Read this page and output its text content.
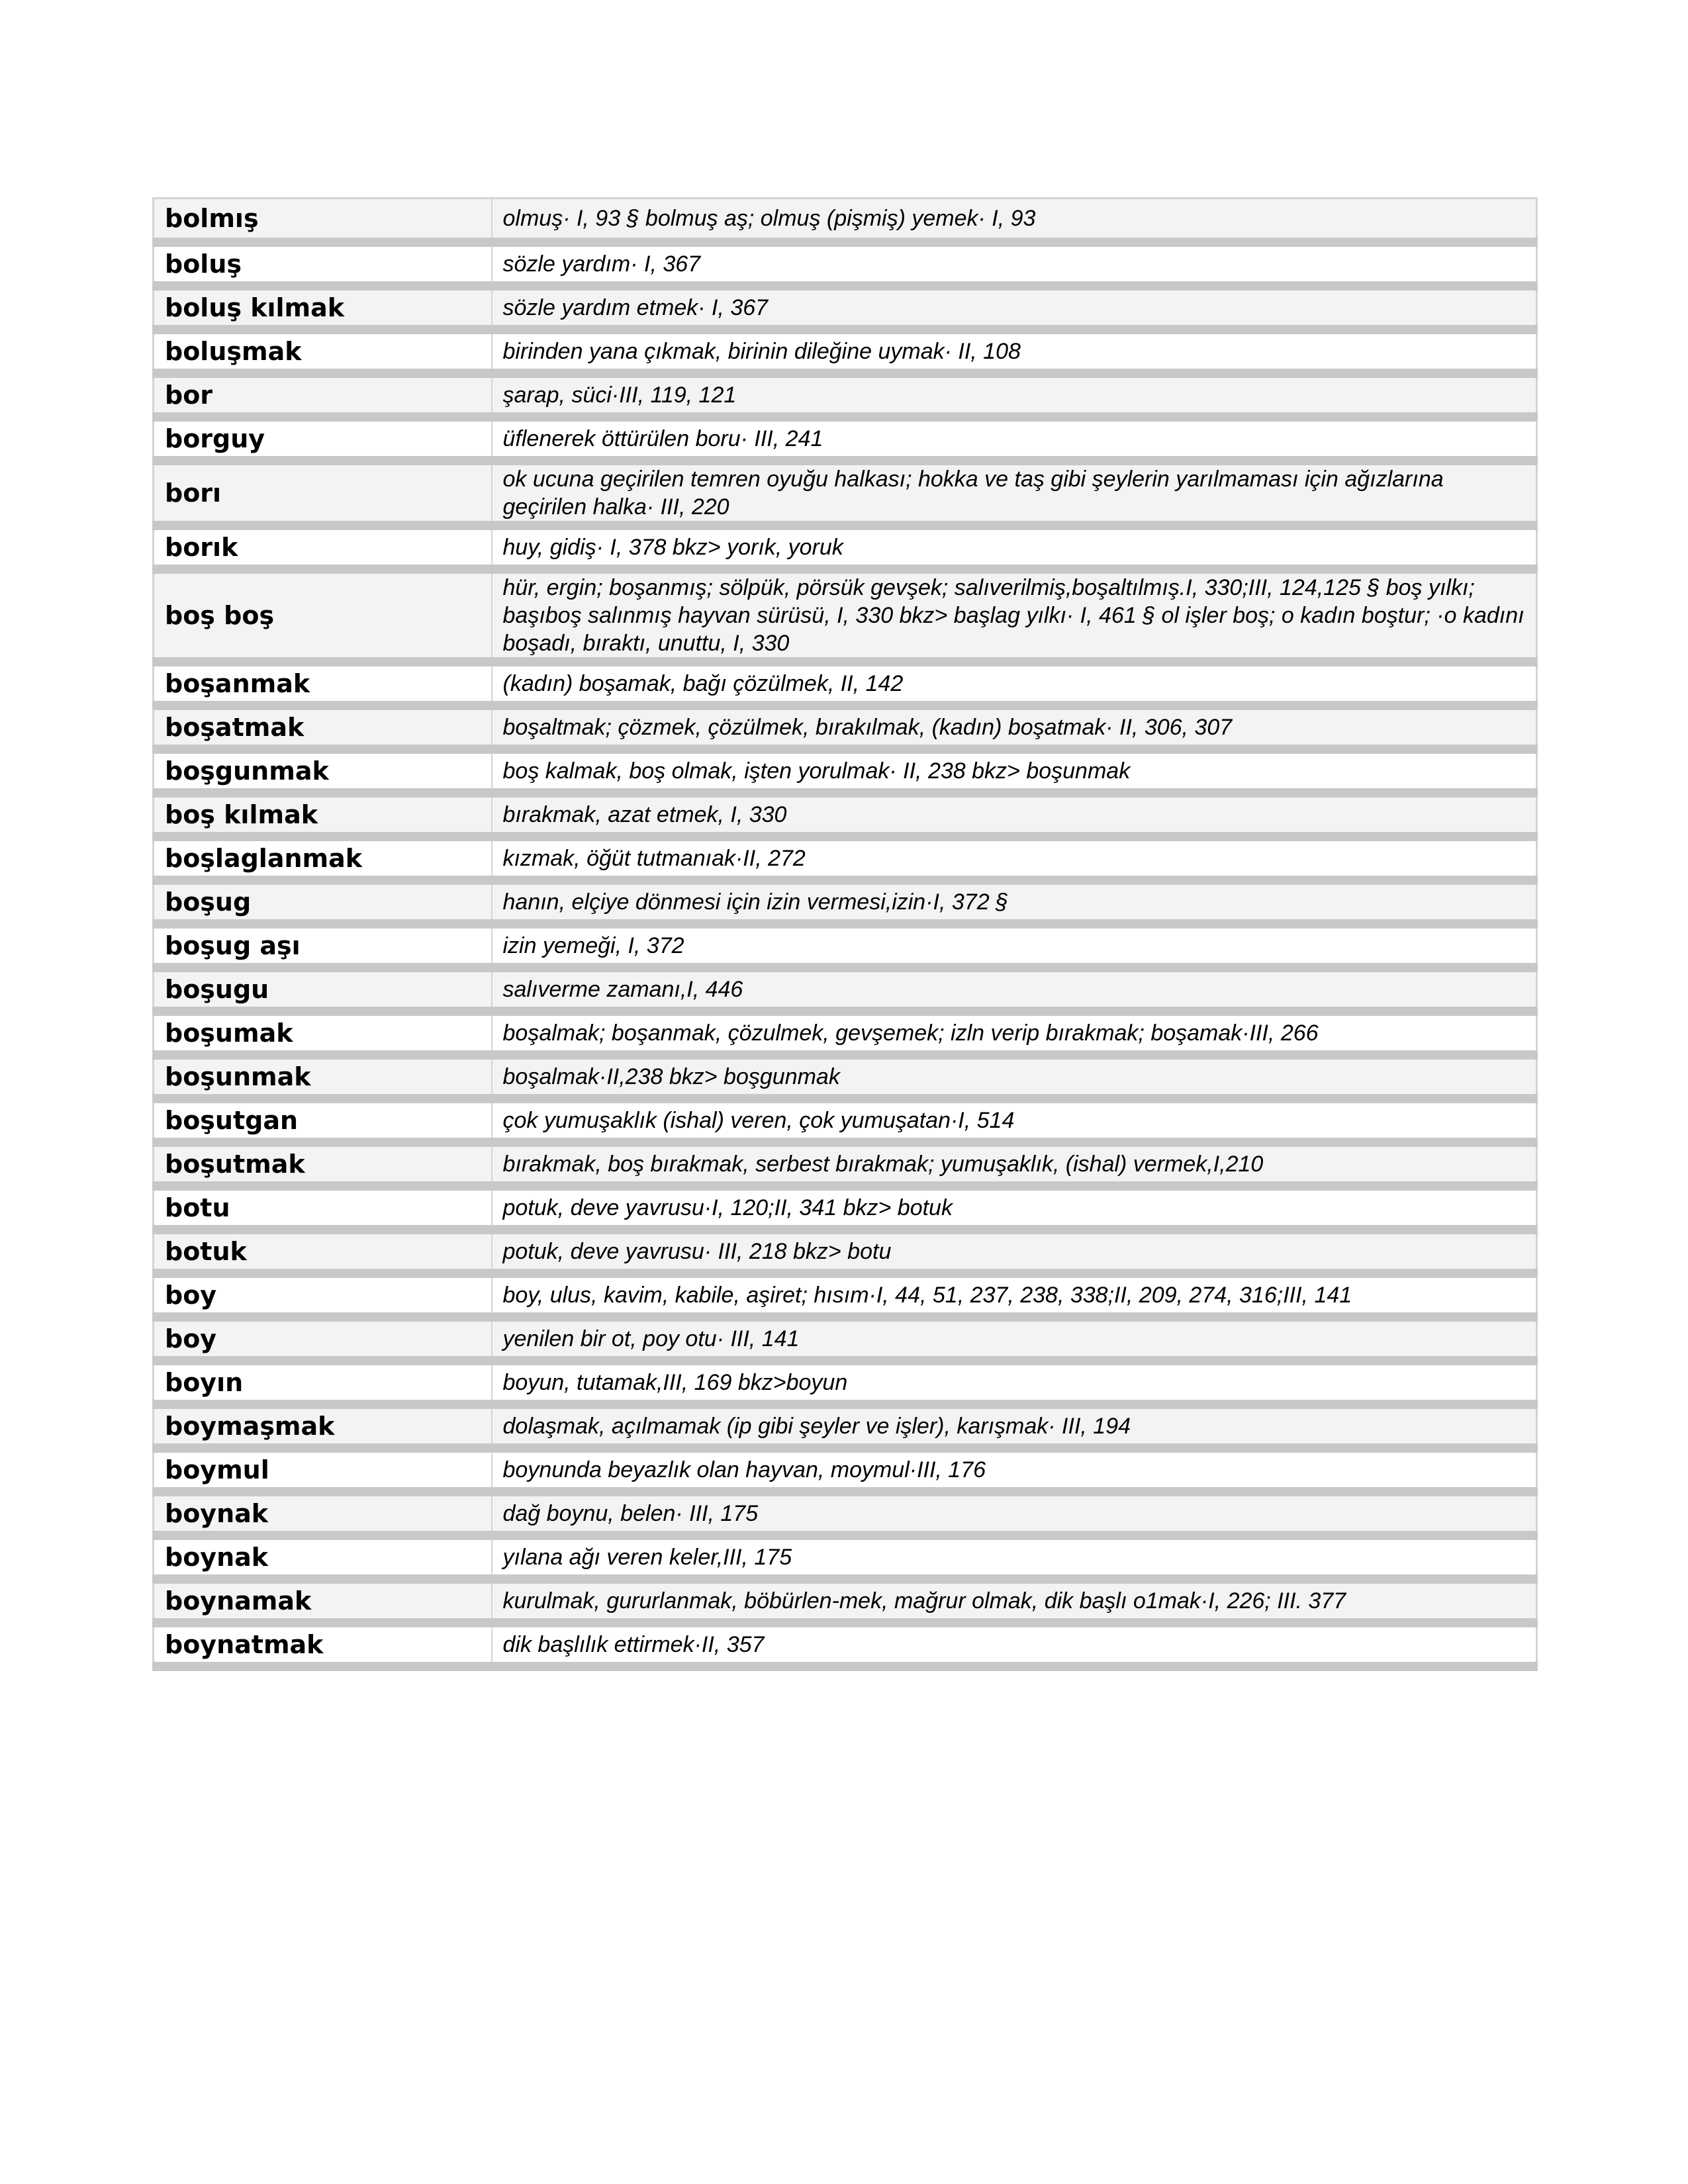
bolmış	olmuş· I, 93 § bolmuş aş; olmuş (pişmiş) yemek· I, 93
boluş	sözle yardım· I, 367
boluş kılmak	sözle yardım etmek· I, 367
boluşmak	birinden yana çıkmak, birinin dileğine uymak· II, 108
bor	şarap, süci·III, 119, 121
borguy	üflenerek öttürülen boru· III, 241
borı	ok ucuna geçirilen temren oyuğu halkası; hokka ve taş gibi şeylerin yarılmaması için ağızlarına geçirilen halka· III, 220
borık	huy, gidiş· I, 378 bkz> yorık, yoruk
boş boş	hür, ergin; boşanmış; sölpük, pörsük gevşek; salıverilmiş,boşaltılmış.I, 330;III, 124,125 § boş yılkı; başıboş salınmış hayvan sürüsü, I, 330 bkz> başlag yılkı· I, 461 § ol işler boş; o kadın boştur; ·o kadını boşadı, bıraktı, unuttu, I, 330
boşanmak	(kadın) boşamak, bağı çözülmek, II, 142
boşatmak	boşaltmak; çözmek, çözülmek, bırakılmak, (kadın) boşatmak· II, 306, 307
boşgunmak	boş kalmak, boş olmak, işten yorulmak· II, 238 bkz> boşunmak
boş kılmak	bırakmak, azat etmek, I, 330
boşlaglanmak	kızmak, öğüt tutmanıak·II, 272
boşug	hanın, elçiye dönmesi için izin vermesi,izin·I, 372 §
boşug aşı	izin yemeği, I, 372
boşugu	salıverme zamanı,I, 446
boşumak	boşalmak; boşanmak, çözulmek, gevşemek; izln verip bırakmak; boşamak·III, 266
boşunmak	boşalmak·II,238 bkz> boşgunmak
boşutgan	çok yumuşaklık (ishal) veren, çok yumuşatan·I, 514
boşutmak	bırakmak, boş bırakmak, serbest bırakmak; yumuşaklık, (ishal) vermek,I,210
botu	potuk, deve yavrusu·I, 120;II, 341 bkz> botuk
botuk	potuk, deve yavrusu· III, 218 bkz> botu
boy	boy, ulus, kavim, kabile, aşiret; hısım·I, 44, 51, 237, 238, 338;II, 209, 274, 316;III, 141
boy	yenilen bir ot, poy otu· III, 141
boyın	boyun, tutamak,III, 169 bkz>boyun
boymaşmak	dolaşmak, açılmamak (ip gibi şeyler ve işler), karışmak· III, 194
boymul	boynunda beyazlık olan hayvan, moymul·III, 176
boynak	dağ boynu, belen· III, 175
boynak	yılana ağı veren keler,III, 175
boynamak	kurulmak, gururlanmak, böbürlen-mek, mağrur olmak, dik başlı o1mak·I, 226; III. 377
boynatmak	dik başlılık ettirmek·II, 357
